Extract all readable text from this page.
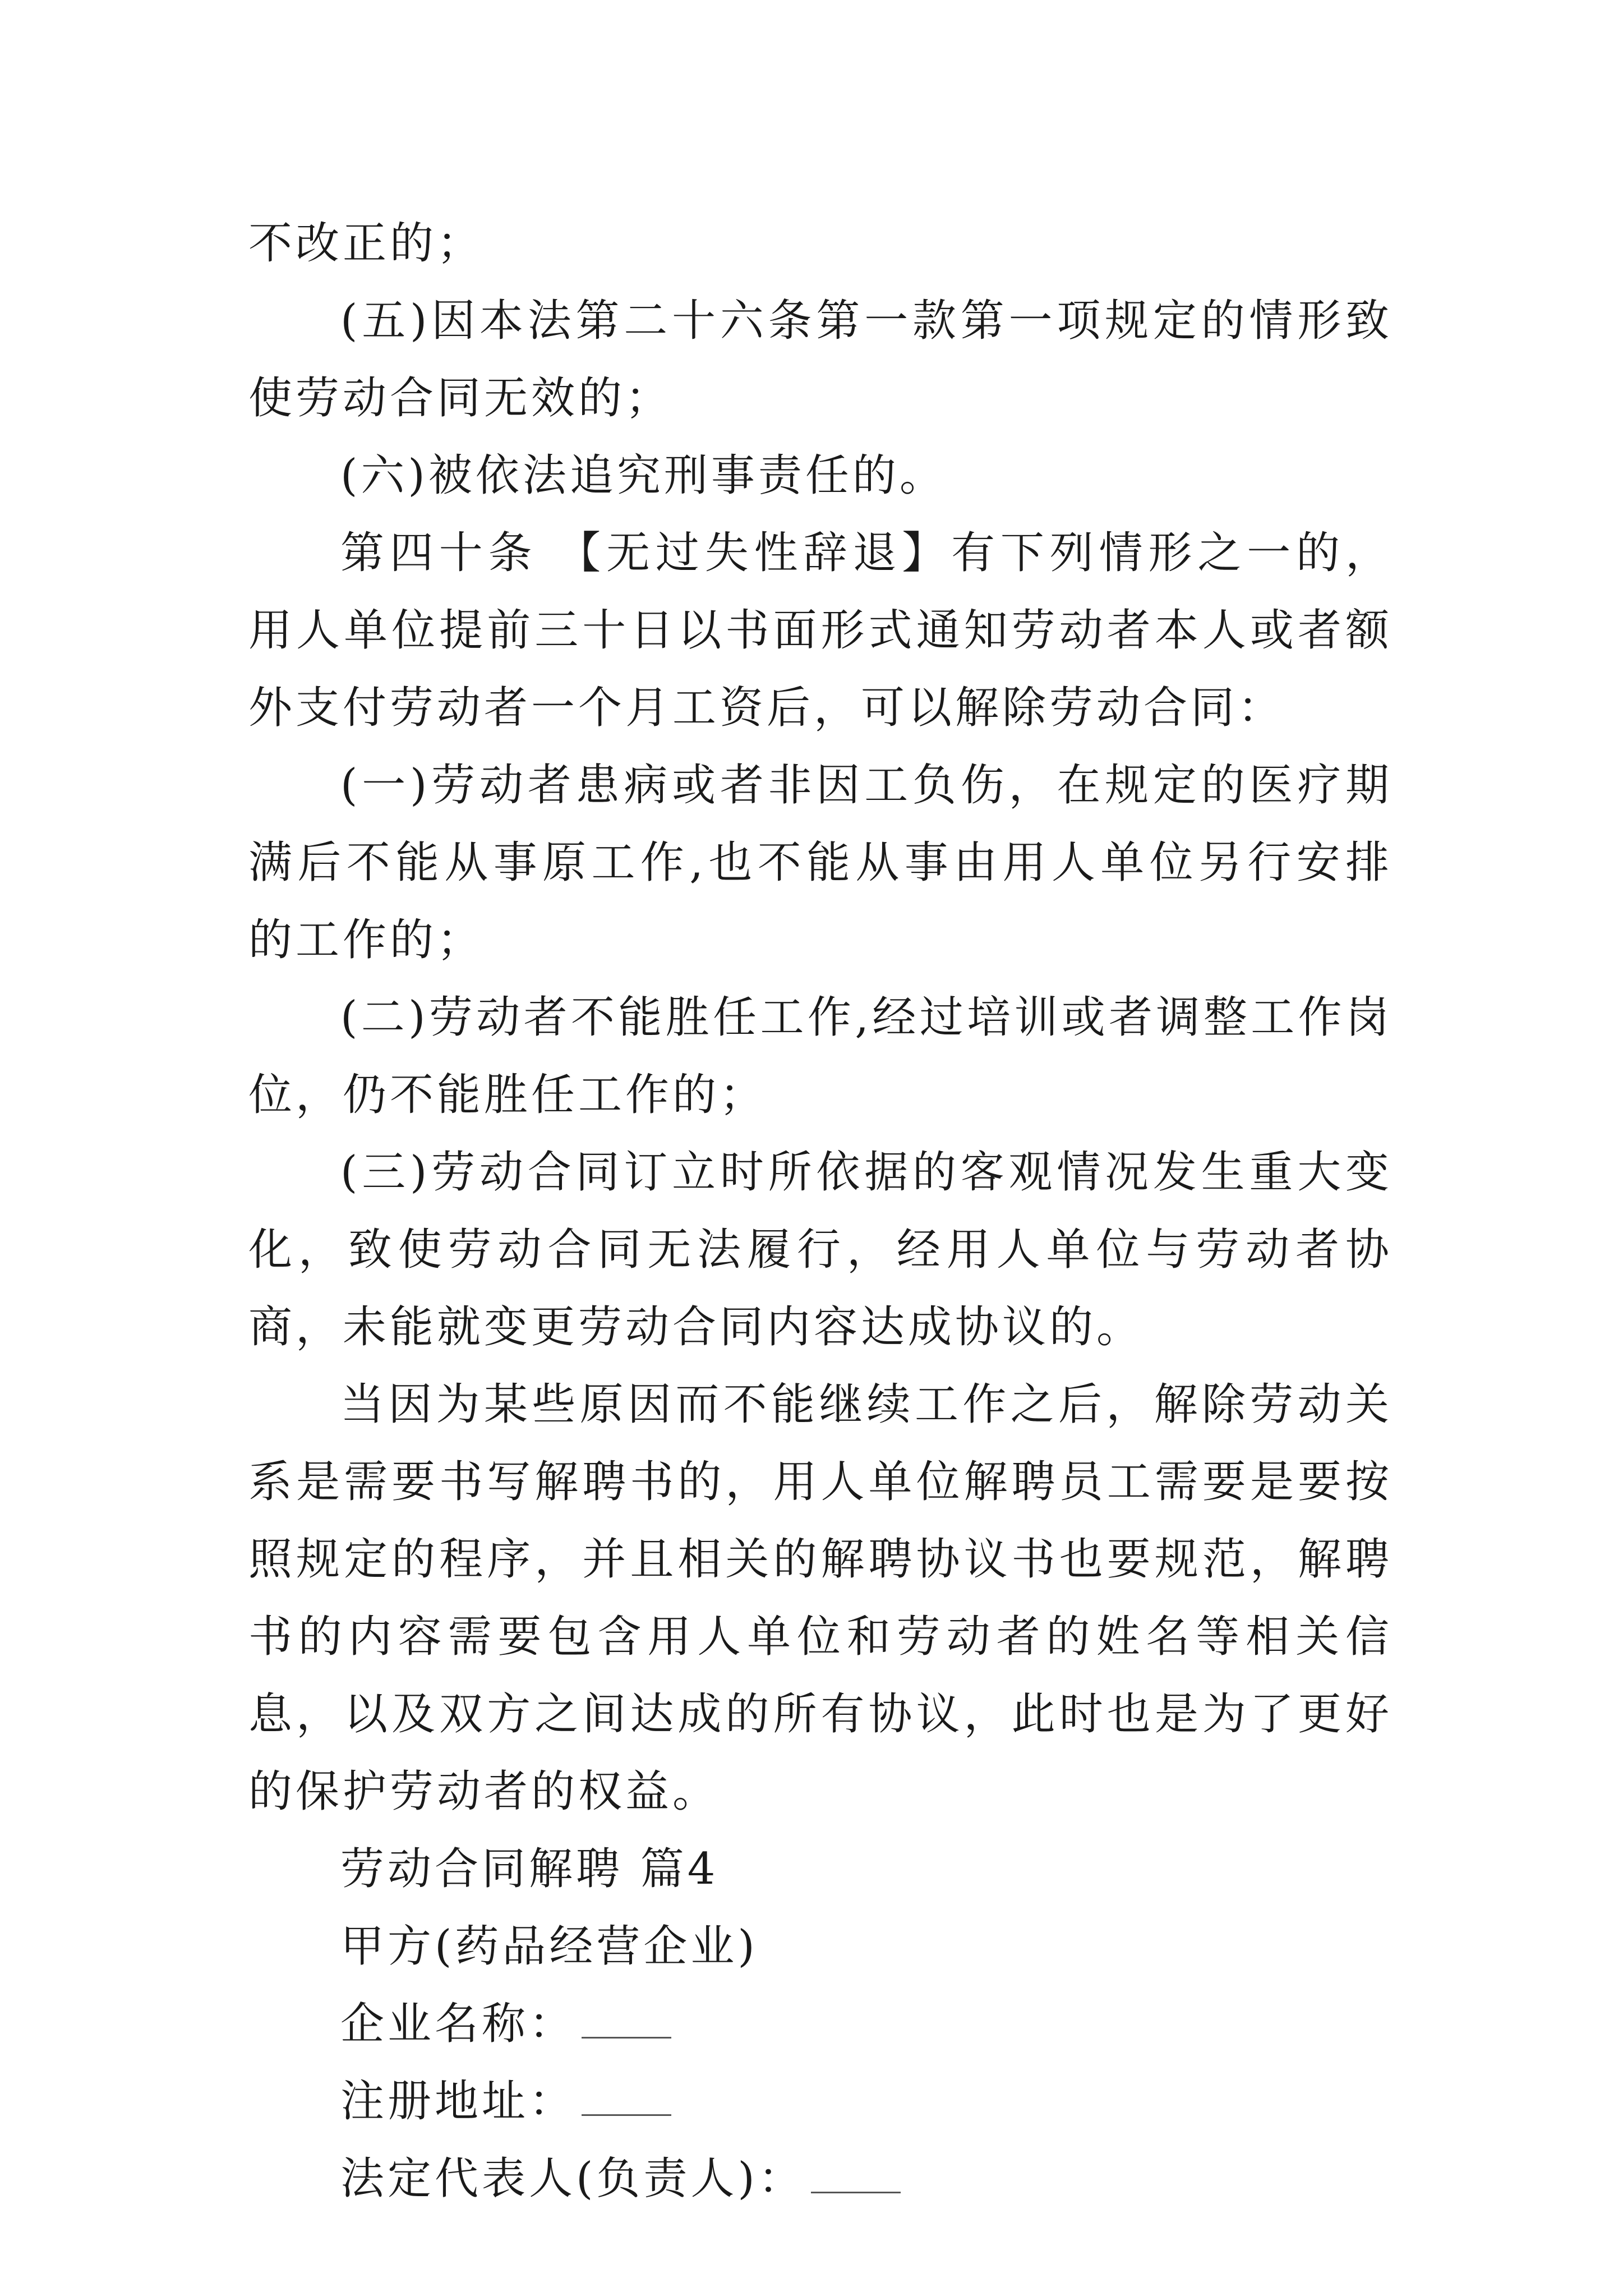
不改正的；

(五)因本法第二十六条第一款第一项规定的情形致使劳动合同无效的；

(六)被依法追究刑事责任的。

第四十条 【无过失性辞退】有下列情形之一的，用人单位提前三十日以书面形式通知劳动者本人或者额外支付劳动者一个月工资后，可以解除劳动合同：

(一)劳动者患病或者非因工负伤，在规定的医疗期满后不能从事原工作,也不能从事由用人单位另行安排的工作的；

(二)劳动者不能胜任工作,经过培训或者调整工作岗位，仍不能胜任工作的；

(三)劳动合同订立时所依据的客观情况发生重大变化，致使劳动合同无法履行，经用人单位与劳动者协商，未能就变更劳动合同内容达成协议的。

当因为某些原因而不能继续工作之后，解除劳动关系是需要书写解聘书的，用人单位解聘员工需要是要按照规定的程序，并且相关的解聘协议书也要规范，解聘书的内容需要包含用人单位和劳动者的姓名等相关信息，以及双方之间达成的所有协议，此时也是为了更好的保护劳动者的权益。

劳动合同解聘 篇4

甲方(药品经营企业)

企业名称：

注册地址：

法定代表人(负责人)：
